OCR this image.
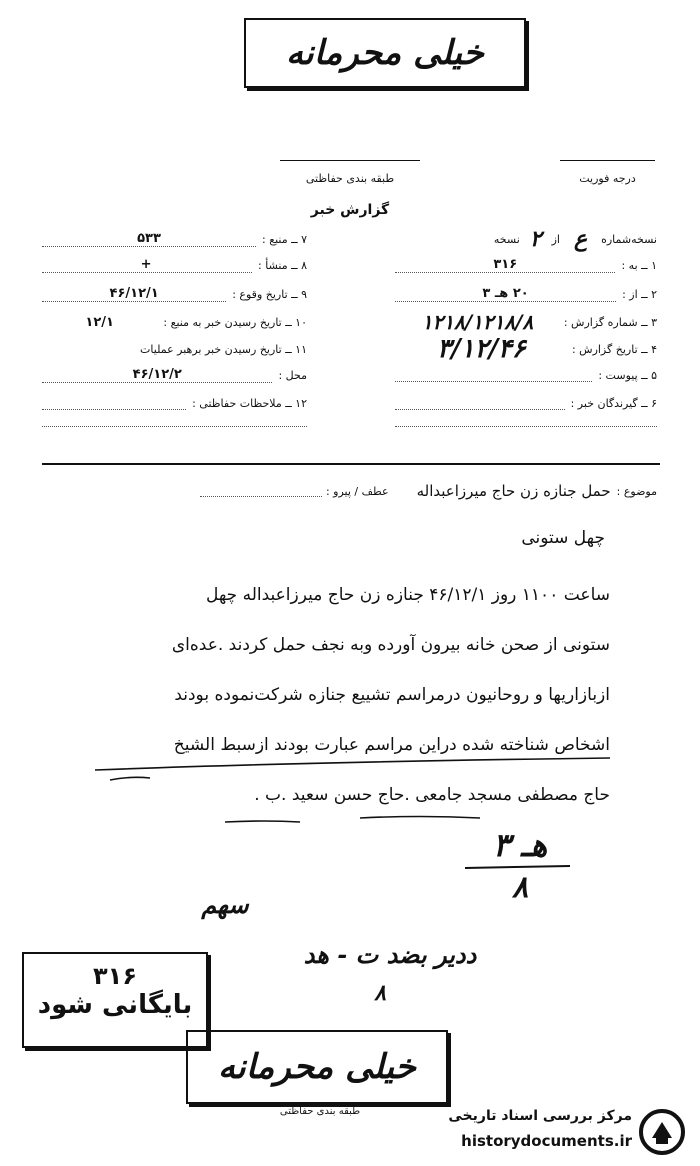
خیلی محرمانه
طبقه بندی حفاظتی	درجه فوریت
گزارش خبر
۷ ــ منبع :
۵۳۳
۸ ــ منشأ :
+
۹ ــ تاریخ وقوع :
۴۶/۱۲/۱
۱۰ ــ تاریخ رسیدن خبر به منبع :
۱۲/۱
۱۱ ــ تاریخ رسیدن خبر برهبر عملیات
محل :
۴۶/۱۲/۲
۱۲ ــ ملاحظات حفاظتی :
نسخه‌شماره
ع
از
۲
نسخه
۱ ــ به :
۳۱۶
۲ ــ از :
۲۰ هـ ۳
۳ ــ شماره گزارش :
۱۲۱۸/۱۲۱۸/۸
۴ ــ تاریخ گزارش :
۳/۱۲/۴۶
۵ ــ پیوست :
۶ ــ گیرندگان خبر :
موضوع :
حمل جنازه زن حاج میرزاعبداله
عطف / پیرو :
چهل ستونی
ساعت ۱۱۰۰ روز ۴۶/۱۲/۱ جنازه زن حاج میرزاعبداله چهل
ستونی از صحن خانه بیرون آورده وبه نجف حمل کردند .عده‌ای
ازبازاریها و روحانیون درمراسم تشییع جنازه شرکت‌نموده بودند
اشخاص شناخته شده دراین مراسم عبارت بودند ازسبط الشیخ
حاج مصطفی مسجد جامعی .حاج حسن سعید .ب .
هـ ۳
۸
سهم
ددیر بضد ت - هد
۸
۳۱۶
بایگانی شود
خیلی محرمانه
طبقه بندی حفاظتی	مرکز بررسی اسناد تاریخی
historydocuments.ir
